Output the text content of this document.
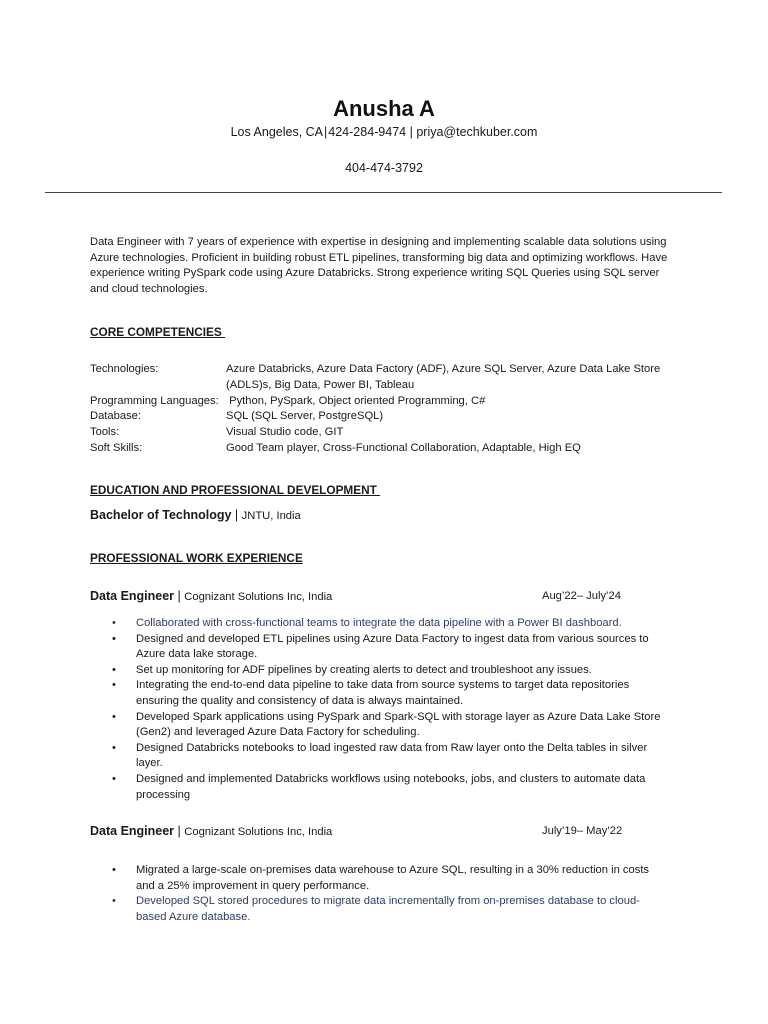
Anusha A
Los Angeles, CA|424-284-9474 | priya@techkuber.com
404-474-3792
Data Engineer with 7 years of experience with expertise in designing and implementing scalable data solutions using Azure technologies. Proficient in building robust ETL pipelines, transforming big data and optimizing workflows. Have experience writing PySpark code using Azure Databricks. Strong experience writing SQL Queries using SQL server and cloud technologies.
CORE COMPETENCIES
Technologies:	Azure Databricks, Azure Data Factory (ADF), Azure SQL Server, Azure Data Lake Store (ADLS)s, Big Data, Power BI, Tableau
Programming Languages: Python, PySpark, Object oriented Programming, C#
Database:	SQL (SQL Server, PostgreSQL)
Tools:	Visual Studio code, GIT
Soft Skills:	Good Team player, Cross-Functional Collaboration, Adaptable, High EQ
EDUCATION AND PROFESSIONAL DEVELOPMENT
Bachelor of Technology | JNTU, India
PROFESSIONAL WORK EXPERIENCE
Data Engineer | Cognizant Solutions Inc, India	Aug’22– July’24
• Collaborated with cross-functional teams to integrate the data pipeline with a Power BI dashboard.
• Designed and developed ETL pipelines using Azure Data Factory to ingest data from various sources to Azure data lake storage.
• Set up monitoring for ADF pipelines by creating alerts to detect and troubleshoot any issues.
• Integrating the end-to-end data pipeline to take data from source systems to target data repositories ensuring the quality and consistency of data is always maintained.
• Developed Spark applications using PySpark and Spark-SQL with storage layer as Azure Data Lake Store (Gen2) and leveraged Azure Data Factory for scheduling.
• Designed Databricks notebooks to load ingested raw data from Raw layer onto the Delta tables in silver layer.
• Designed and implemented Databricks workflows using notebooks, jobs, and clusters to automate data processing
Data Engineer | Cognizant Solutions Inc, India	July’19– May’22
• Migrated a large-scale on-premises data warehouse to Azure SQL, resulting in a 30% reduction in costs and a 25% improvement in query performance.
• Developed SQL stored procedures to migrate data incrementally from on-premises database to cloud-based Azure database.
